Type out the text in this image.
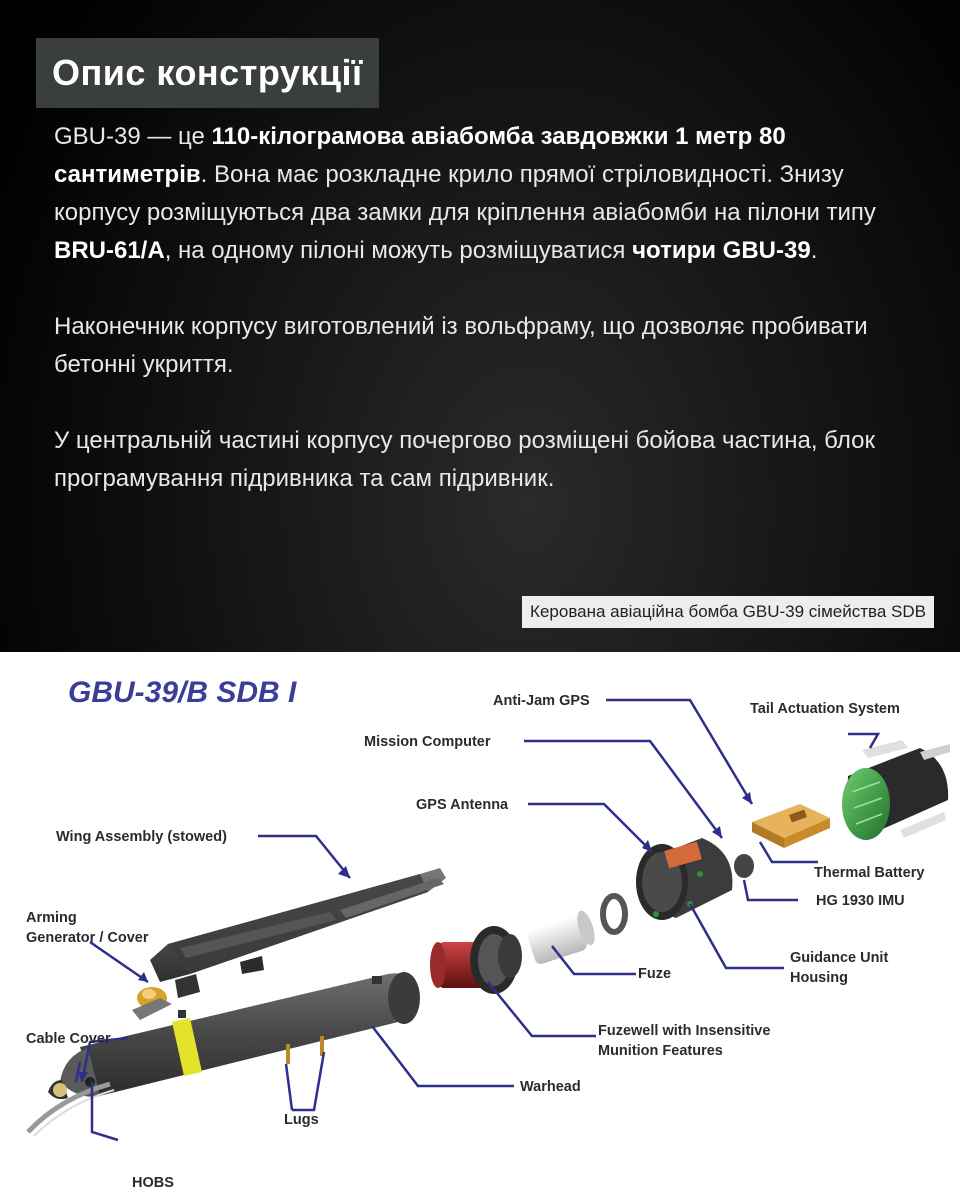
Опис конструкції

GBU-39 — це 110-кілограмова авіабомба завдовжки 1 метр 80 сантиметрів. Вона має розкладне крило прямої стріловидності. Знизу корпусу розміщуються два замки для кріплення авіабомби на пілони типу BRU-61/A, на одному пілоні можуть розміщуватися чотири GBU-39.

Наконечник корпусу виготовлений із вольфраму, що дозволяє пробивати бетонні укриття.

У центральній частині корпусу почергово розміщені бойова частина, блок програмування підривника та сам підривник.

Керована авіаційна бомба GBU-39 сімейства SDB
GBU-39/B SDB I	Anti-Jam GPS	Tail Actuation System
Mission Computer
GPS Antenna
Wing Assembly (stowed)
Thermal Battery
HG 1930 IMU
Arming
Generator / Cover
Guidance Unit
Housing
Fuze
Cable Cover	Fuzewell with Insensitive
Munition Features
Warhead
Lugs
HOBS
